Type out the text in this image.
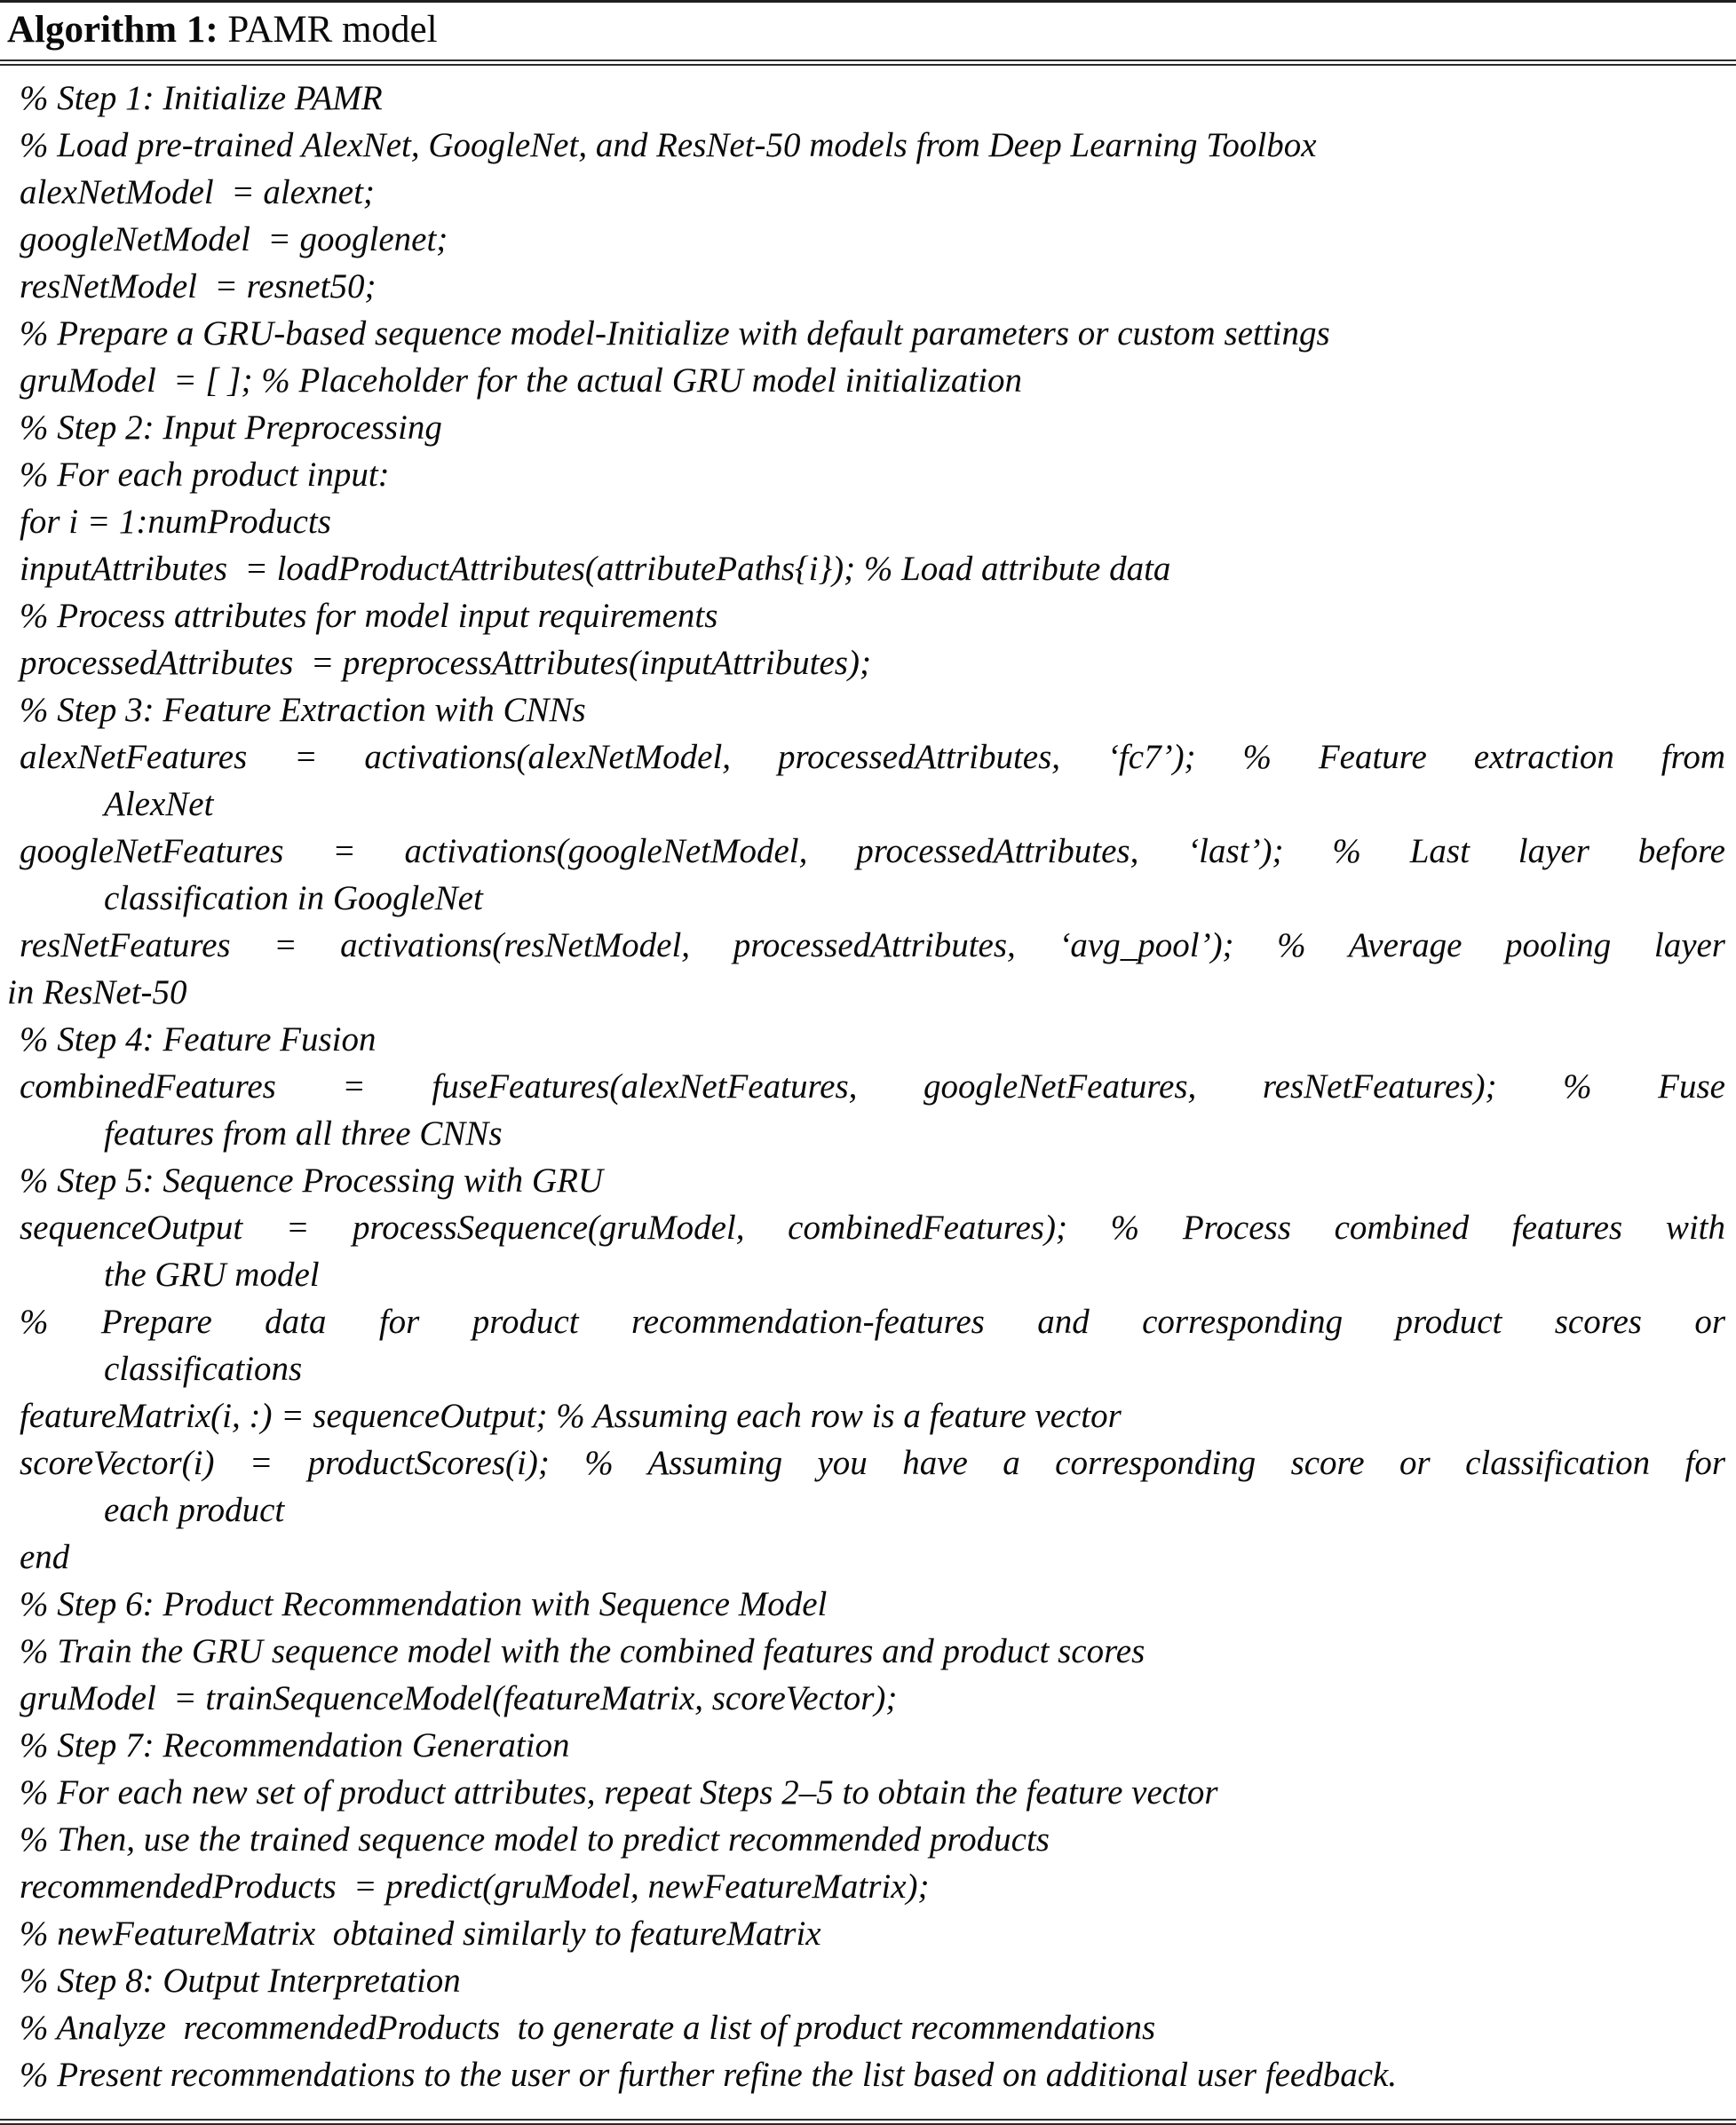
Algorithm 1: PAMR model
% Step 1: Initialize PAMR
% Load pre-trained AlexNet, GoogleNet, and ResNet-50 models from Deep Learning Toolbox
alexNetModel  = alexnet;
googleNetModel  = googlenet;
resNetModel  = resnet50;
% Prepare a GRU-based sequence model-Initialize with default parameters or custom settings
gruModel  = [ ]; % Placeholder for the actual GRU model initialization
% Step 2: Input Preprocessing
% For each product input:
for i = 1:numProducts
inputAttributes  = loadProductAttributes(attributePaths{i}); % Load attribute data
% Process attributes for model input requirements
processedAttributes  = preprocessAttributes(inputAttributes);
% Step 3: Feature Extraction with CNNs
alexNetFeatures = activations(alexNetModel, processedAttributes, ‘fc7’); % Feature extraction from
AlexNet
googleNetFeatures = activations(googleNetModel, processedAttributes, ‘last’); % Last layer before
classification in GoogleNet
resNetFeatures = activations(resNetModel, processedAttributes, ‘avg_pool’); % Average pooling layer
in ResNet-50
% Step 4: Feature Fusion
combinedFeatures = fuseFeatures(alexNetFeatures, googleNetFeatures, resNetFeatures); % Fuse
features from all three CNNs
% Step 5: Sequence Processing with GRU
sequenceOutput = processSequence(gruModel, combinedFeatures); % Process combined features with
the GRU model
% Prepare data for product recommendation-features and corresponding product scores or
classifications
featureMatrix(i, :) = sequenceOutput; % Assuming each row is a feature vector
scoreVector(i) = productScores(i); % Assuming you have a corresponding score or classification for
each product
end
% Step 6: Product Recommendation with Sequence Model
% Train the GRU sequence model with the combined features and product scores
gruModel  = trainSequenceModel(featureMatrix, scoreVector);
% Step 7: Recommendation Generation
% For each new set of product attributes, repeat Steps 2–5 to obtain the feature vector
% Then, use the trained sequence model to predict recommended products
recommendedProducts  = predict(gruModel, newFeatureMatrix);
% newFeatureMatrix  obtained similarly to featureMatrix
% Step 8: Output Interpretation
% Analyze  recommendedProducts  to generate a list of product recommendations
% Present recommendations to the user or further refine the list based on additional user feedback.
